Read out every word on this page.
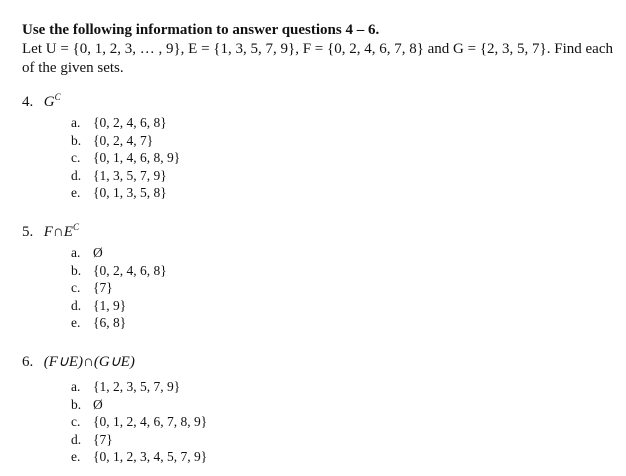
Use the following information to answer questions 4 – 6.
Let U = {0, 1, 2, 3, … , 9}, E = {1, 3, 5, 7, 9}, F = {0, 2, 4, 6, 7, 8} and G = {2, 3, 5, 7}. Find each of the given sets.
4. $G^C$
a. {0, 2, 4, 6, 8}
b. {0, 2, 4, 7}
c. {0, 1, 4, 6, 8, 9}
d. {1, 3, 5, 7, 9}
e. {0, 1, 3, 5, 8}
5. $F\cap E^C$
a. Ø
b. {0, 2, 4, 6, 8}
c. {7}
d. {1, 9}
e. {6, 8}
6. (F∪E)∩(G∪E)
a. {1, 2, 3, 5, 7, 9}
b. Ø
c. {0, 1, 2, 4, 6, 7, 8, 9}
d. {7}
e. {0, 1, 2, 3, 4, 5, 7, 9}
